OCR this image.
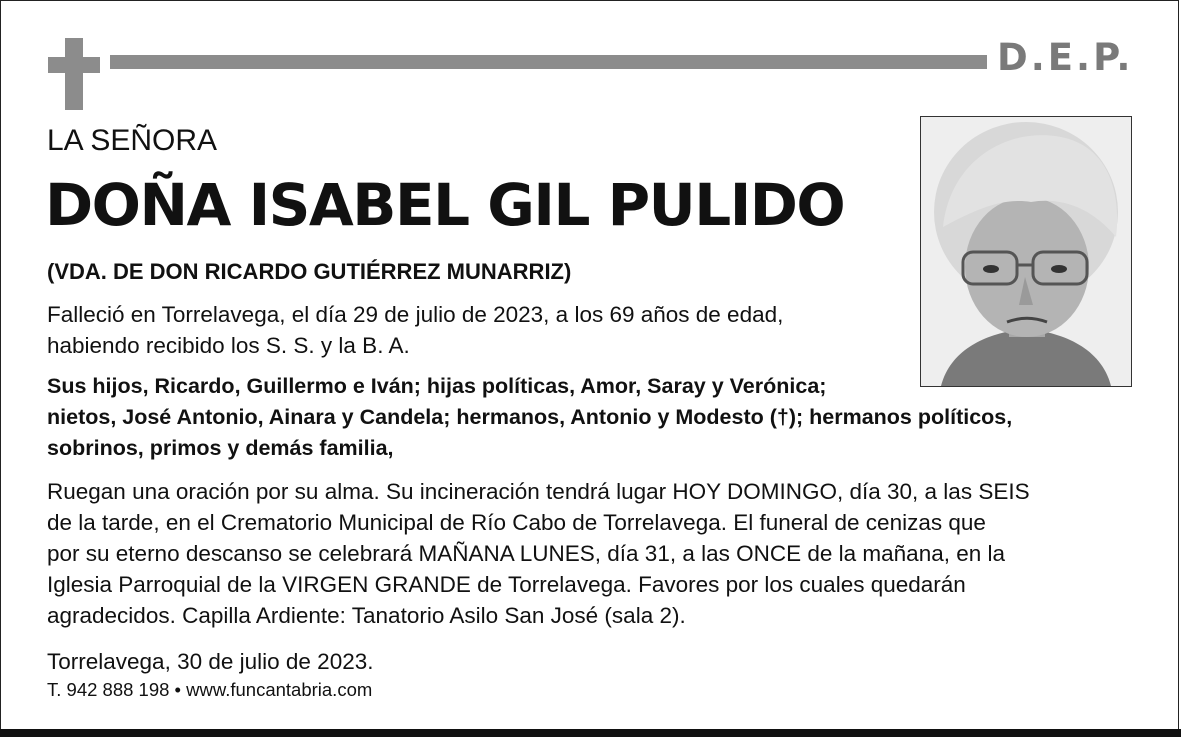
D.E.P.
LA SEÑORA
DOÑA ISABEL GIL PULIDO
(VDA. DE DON RICARDO GUTIÉRREZ MUNARRIZ)
Falleció en Torrelavega, el día 29 de julio de 2023, a los 69 años de edad,
habiendo recibido los S. S. y la B. A.
Sus hijos, Ricardo, Guillermo e Iván; hijas políticas, Amor, Saray y Verónica;
nietos, José Antonio, Ainara y Candela; hermanos, Antonio y Modesto (†); hermanos políticos,
sobrinos, primos y demás familia,
Ruegan una oración por su alma. Su incineración tendrá lugar HOY DOMINGO, día 30, a las SEIS
de la tarde, en el Crematorio Municipal de Río Cabo de Torrelavega. El funeral de cenizas que
por su eterno descanso se celebrará MAÑANA LUNES, día 31, a las ONCE de la mañana, en la
Iglesia Parroquial de la VIRGEN GRANDE de Torrelavega. Favores por los cuales quedarán
agradecidos. Capilla Ardiente: Tanatorio Asilo San José (sala 2).
Torrelavega, 30 de julio de 2023.
T. 942 888 198 • www.funcantabria.com
